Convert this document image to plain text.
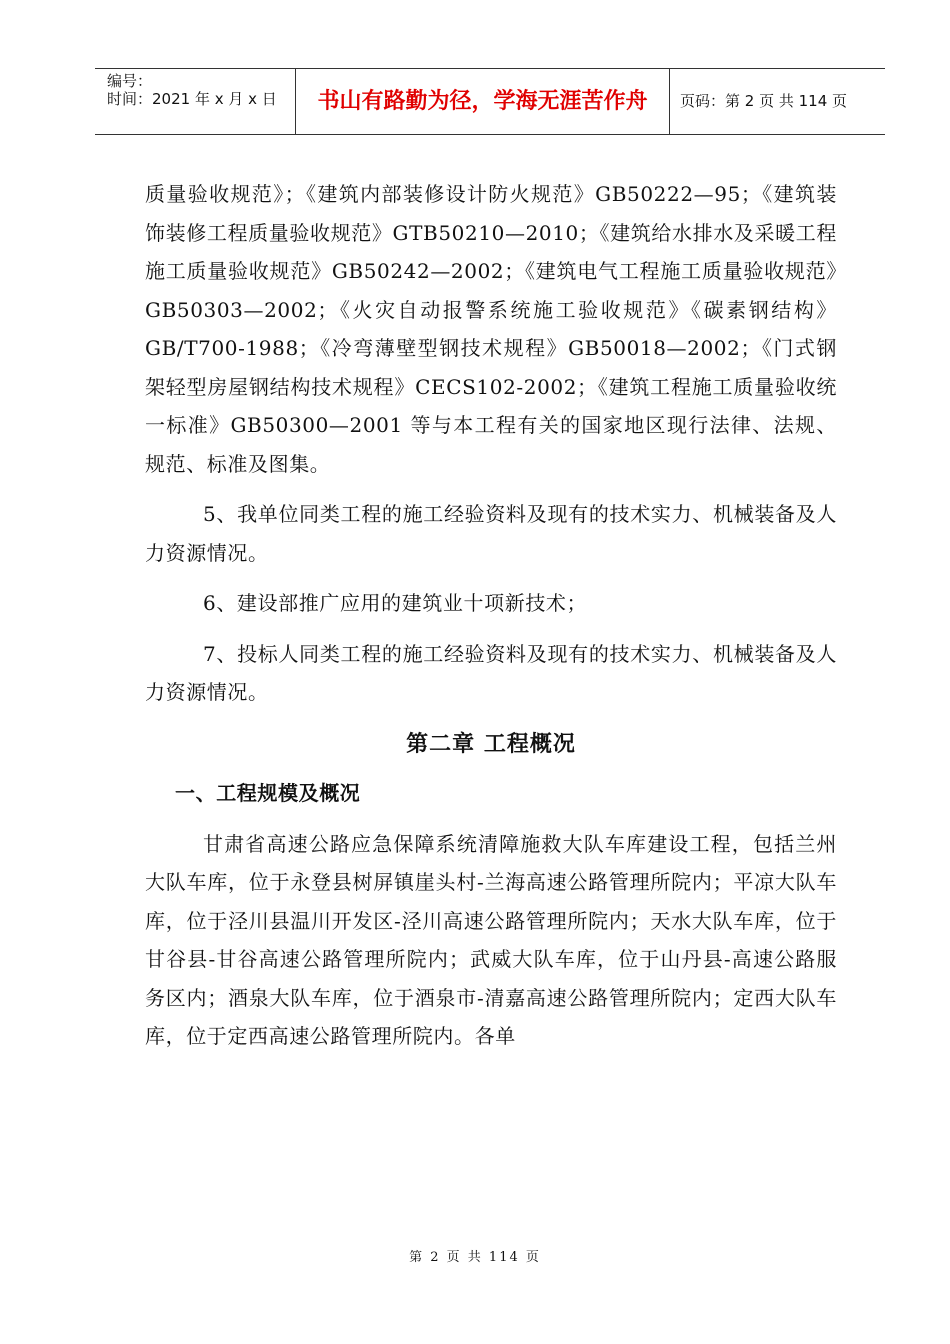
编号：
时间：2021 年 x 月 x 日	书山有路勤为径，学海无涯苦作舟	页码：第 2 页 共 114 页

质量验收规范》；《建筑内部装修设计防火规范》GB50222—95；《建筑装饰装修工程质量验收规范》GTB50210—2010；《建筑给水排水及采暖工程施工质量验收规范》GB50242—2002；《建筑电气工程施工质量验收规范》GB50303—2002；《火灾自动报警系统施工验收规范》《碳素钢结构》GB/T700-1988；《冷弯薄壁型钢技术规程》GB50018—2002；《门式钢架轻型房屋钢结构技术规程》CECS102-2002；《建筑工程施工质量验收统一标准》GB50300—2001 等与本工程有关的国家地区现行法律、法规、规范、标准及图集。

5、我单位同类工程的施工经验资料及现有的技术实力、机械装备及人力资源情况。

6、建设部推广应用的建筑业十项新技术；

7、投标人同类工程的施工经验资料及现有的技术实力、机械装备及人力资源情况。

第二章 工程概况

一、工程规模及概况

甘肃省高速公路应急保障系统清障施救大队车库建设工程，包括兰州大队车库，位于永登县树屏镇崖头村-兰海高速公路管理所院内；平凉大队车库，位于泾川县温川开发区-泾川高速公路管理所院内；天水大队车库，位于甘谷县-甘谷高速公路管理所院内；武威大队车库，位于山丹县-高速公路服务区内；酒泉大队车库，位于酒泉市-清嘉高速公路管理所院内；定西大队车库，位于定西高速公路管理所院内。各单

第 2 页 共 114 页
